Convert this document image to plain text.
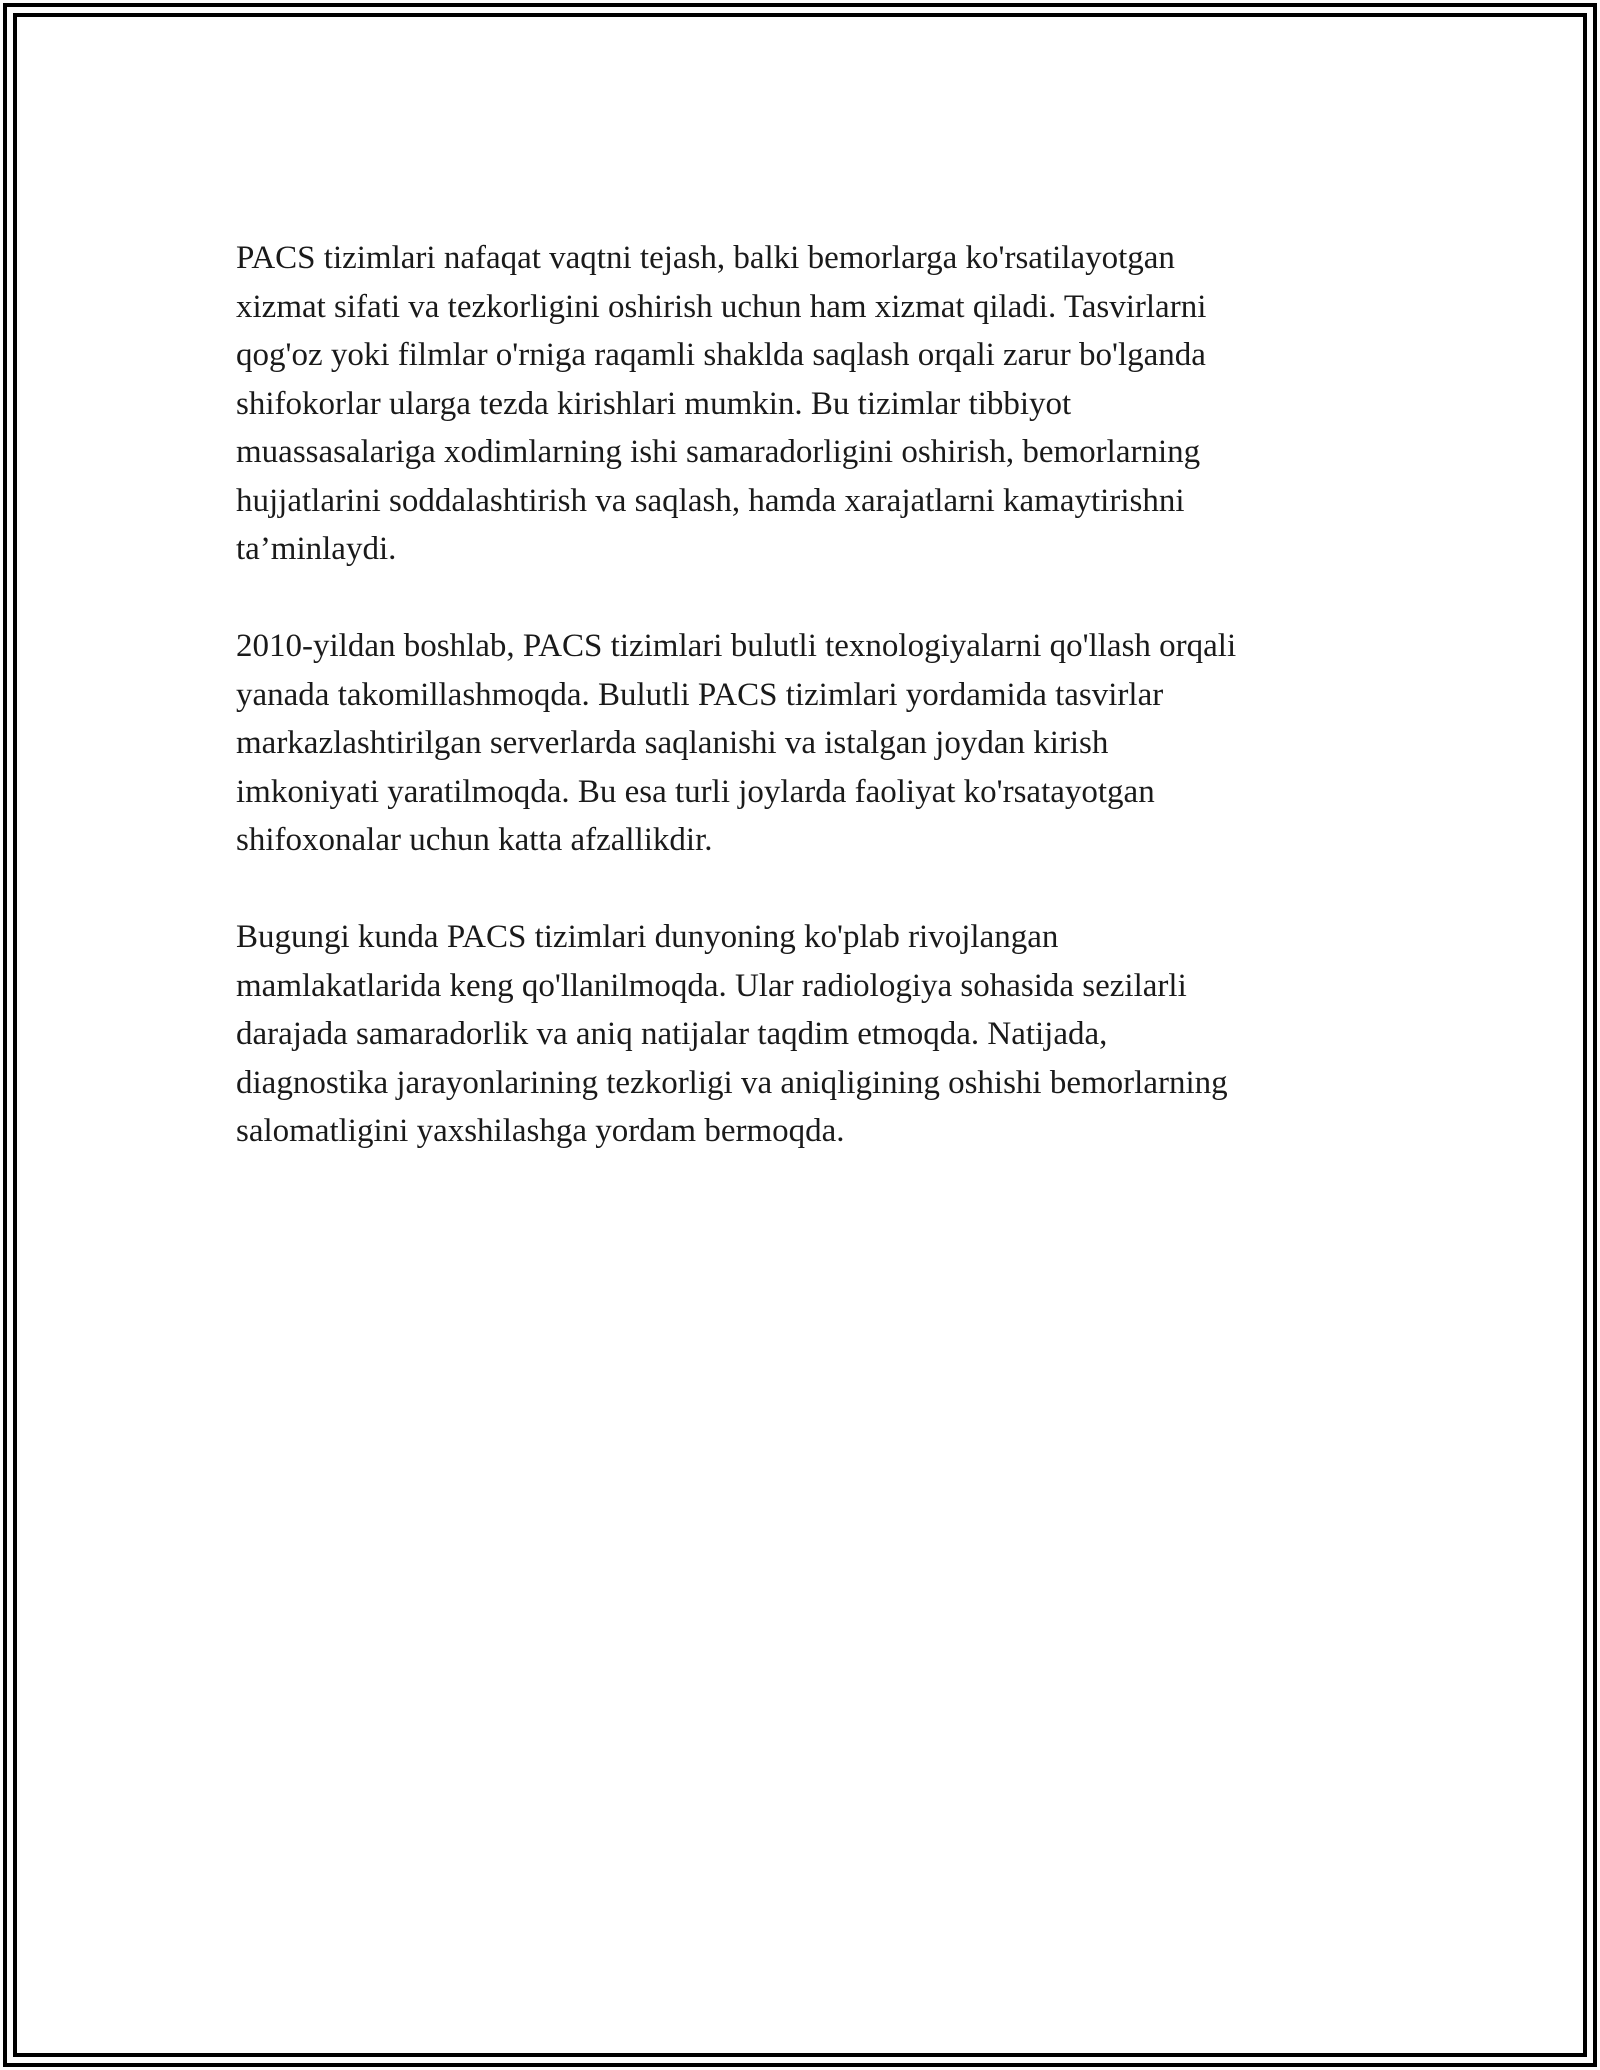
PACS tizimlari nafaqat vaqtni tejash, balki bemorlarga ko'rsatilayotgan
xizmat sifati va tezkorligini oshirish uchun ham xizmat qiladi. Tasvirlarni
qog'oz yoki filmlar o'rniga raqamli shaklda saqlash orqali zarur bo'lganda
shifokorlar ularga tezda kirishlari mumkin. Bu tizimlar tibbiyot
muassasalariga xodimlarning ishi samaradorligini oshirish, bemorlarning
hujjatlarini soddalashtirish va saqlash, hamda xarajatlarni kamaytirishni
ta’minlaydi.

2010-yildan boshlab, PACS tizimlari bulutli texnologiyalarni qo'llash orqali
yanada takomillashmoqda. Bulutli PACS tizimlari yordamida tasvirlar
markazlashtirilgan serverlarda saqlanishi va istalgan joydan kirish
imkoniyati yaratilmoqda. Bu esa turli joylarda faoliyat ko'rsatayotgan
shifoxonalar uchun katta afzallikdir.

Bugungi kunda PACS tizimlari dunyoning ko'plab rivojlangan
mamlakatlarida keng qo'llanilmoqda. Ular radiologiya sohasida sezilarli
darajada samaradorlik va aniq natijalar taqdim etmoqda. Natijada,
diagnostika jarayonlarining tezkorligi va aniqligining oshishi bemorlarning
salomatligini yaxshilashga yordam bermoqda.
